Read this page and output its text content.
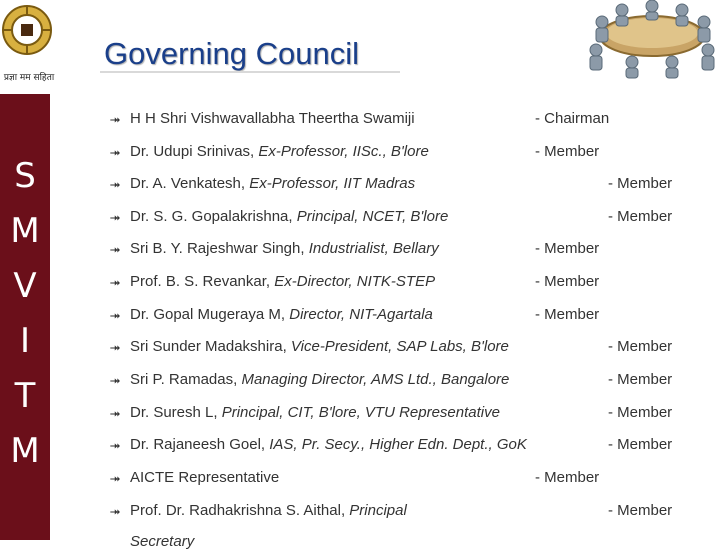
प्रज्ञा मम सहिता
Governing Council
S
M
V
I
T
M
⯮ H H Shri Vishwavallabha Theertha Swamiji	- Chairman
⯮ Dr. Udupi Srinivas, Ex-Professor, IISc., B'lore	- Member
⯮ Dr. A. Venkatesh, Ex-Professor, IIT Madras	- Member
⯮ Dr. S. G. Gopalakrishna, Principal, NCET, B'lore	- Member
⯮ Sri B. Y. Rajeshwar Singh, Industrialist, Bellary	- Member
⯮ Prof. B. S. Revankar, Ex-Director, NITK-STEP	- Member
⯮ Dr. Gopal Mugeraya M, Director, NIT-Agartala	- Member
⯮ Sri Sunder Madakshira, Vice-President, SAP Labs, B'lore	- Member
⯮ Sri P. Ramadas, Managing Director, AMS Ltd., Bangalore	- Member
⯮ Dr. Suresh L, Principal, CIT, B'lore, VTU Representative	- Member
⯮ Dr. Rajaneesh Goel, IAS, Pr. Secy., Higher Edn. Dept., GoK	- Member
⯮ AICTE Representative	- Member
⯮ Prof. Dr. Radhakrishna S. Aithal, Principal	- Member
Secretary
